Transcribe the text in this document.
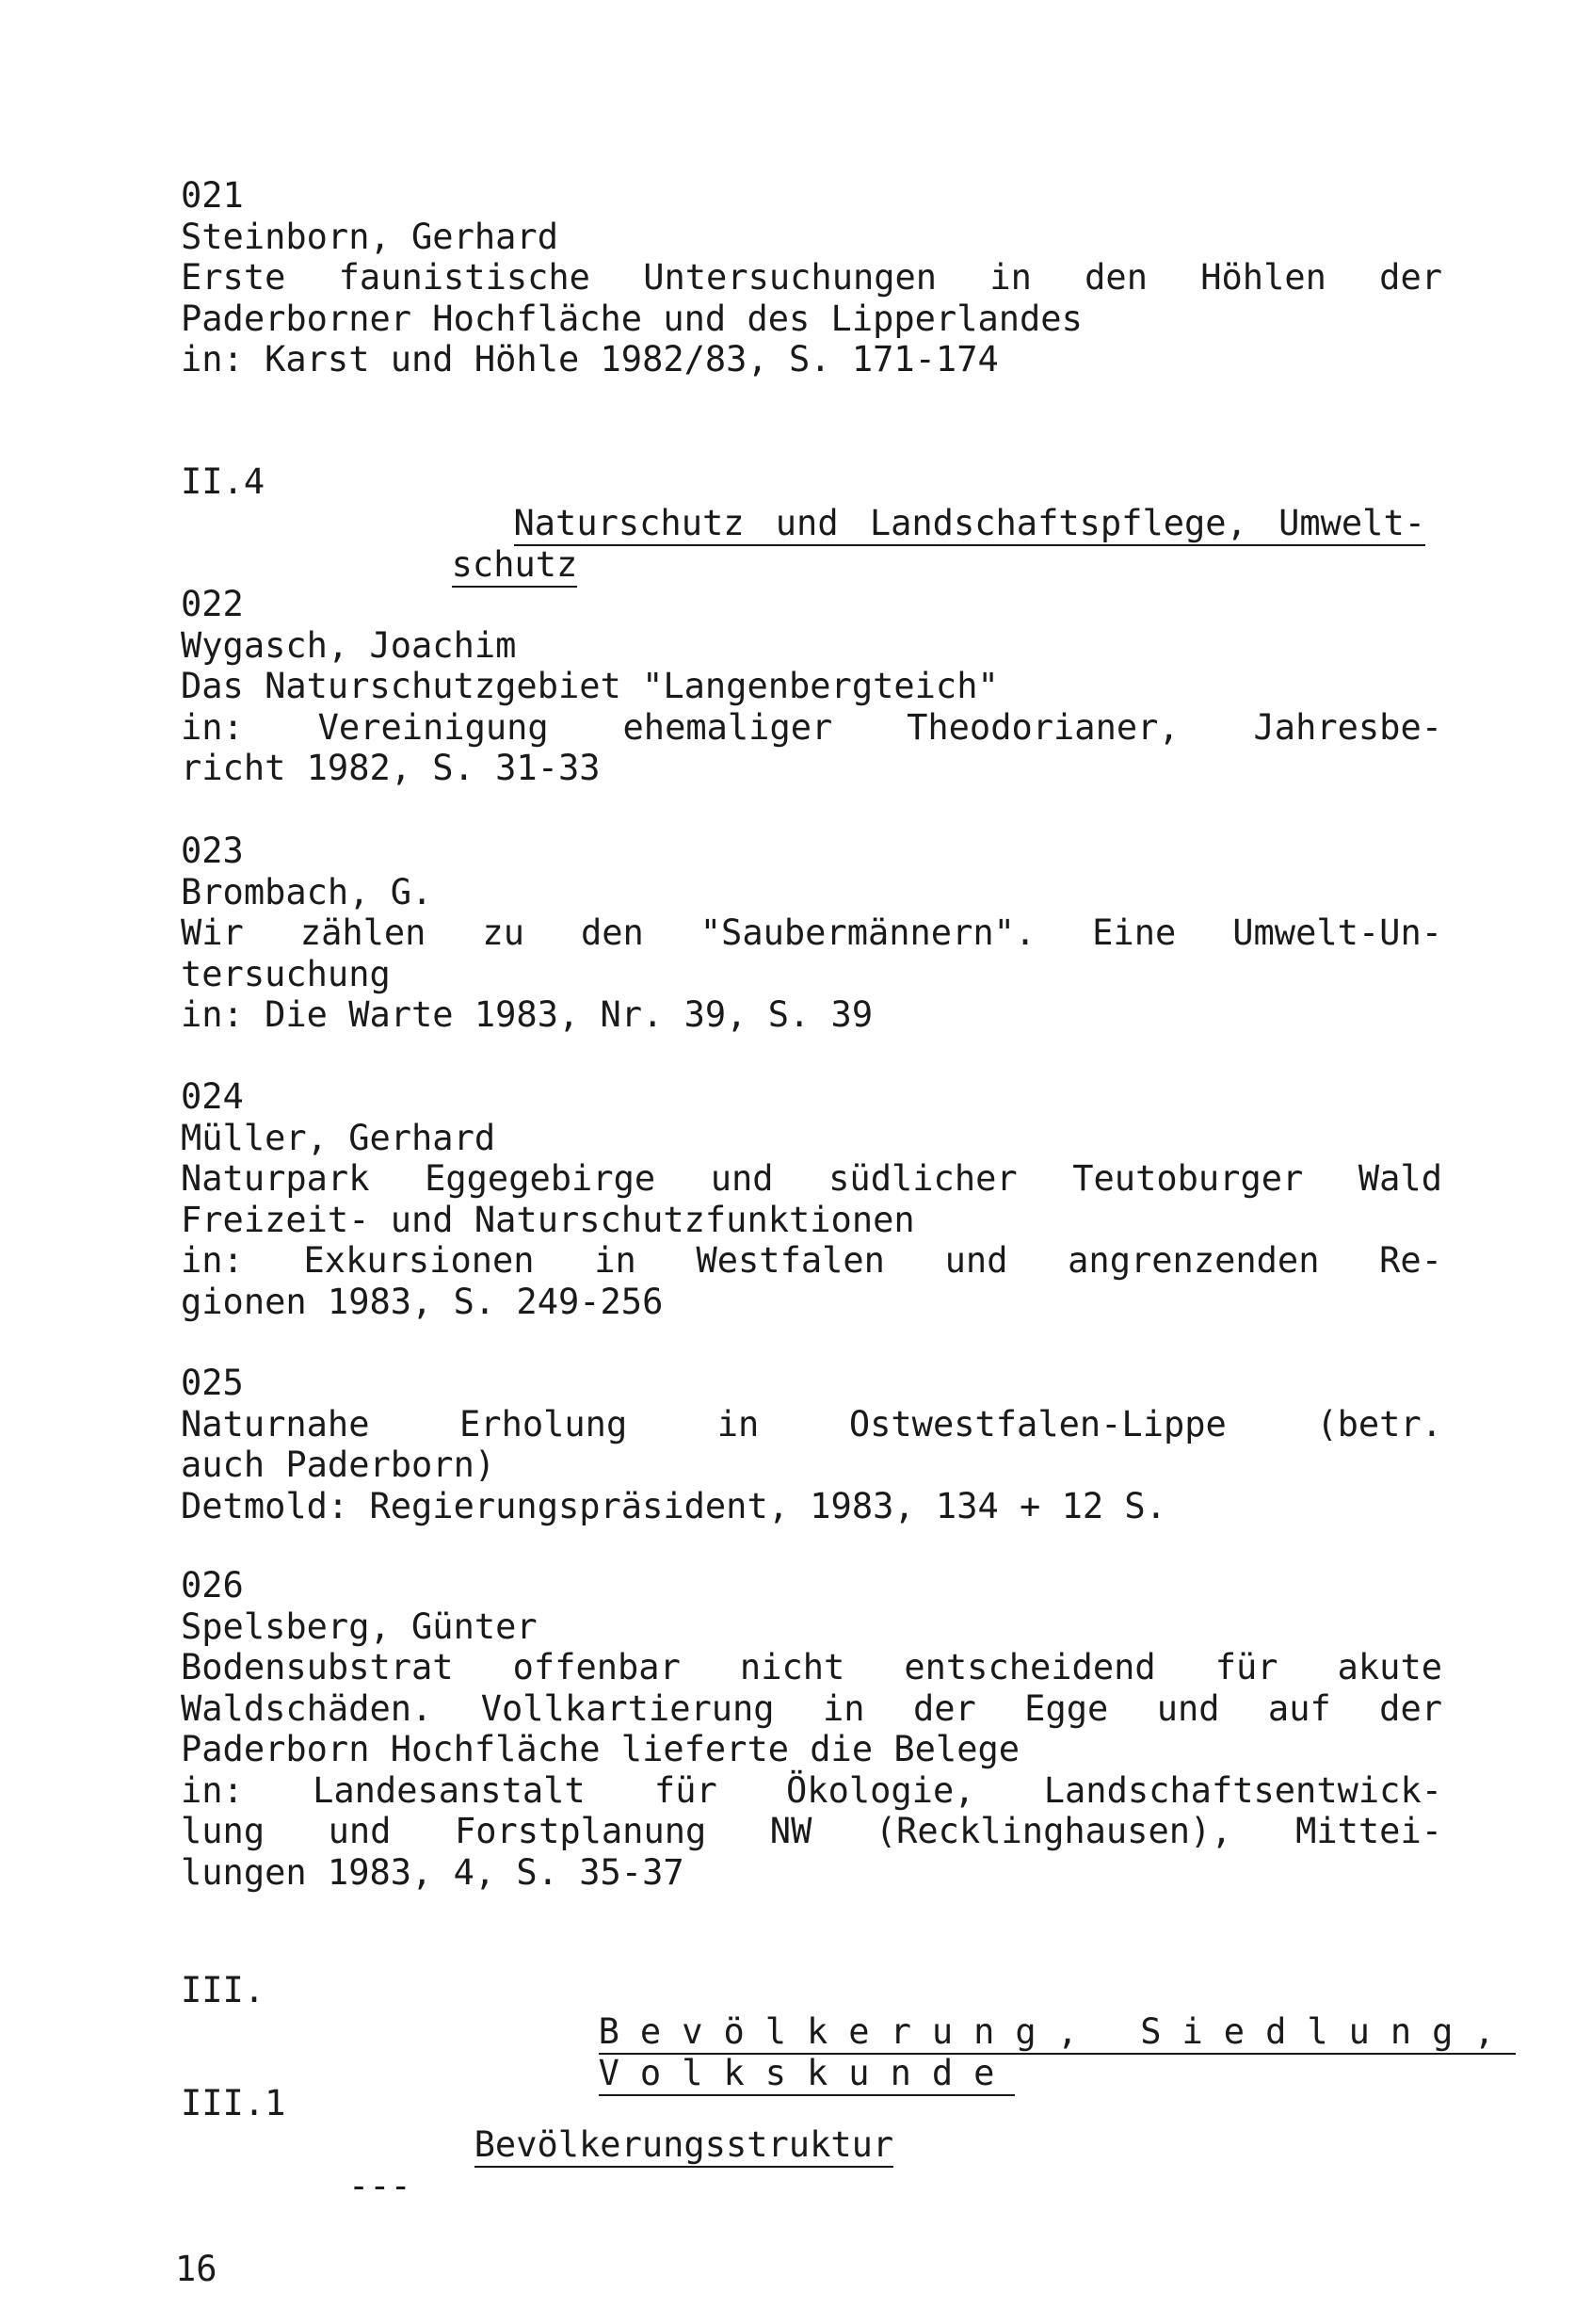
021
Steinborn, Gerhard
Erste faunistische Untersuchungen in den Höhlen der
Paderborner Hochfläche und des Lipperlandes
in: Karst und Höhle 1982/83, S. 171-174
II.4

Naturschutz und Landschaftspflege, Umwelt-

schutz

022
Wygasch, Joachim
Das Naturschutzgebiet "Langenbergteich"
in: Vereinigung ehemaliger Theodorianer, Jahresbe-
richt 1982, S. 31-33
023
Brombach, G.
Wir zählen zu den "Saubermännern". Eine Umwelt-Un-
tersuchung
in: Die Warte 1983, Nr. 39, S. 39
024
Müller, Gerhard
Naturpark Eggegebirge und südlicher Teutoburger Wald
Freizeit- und Naturschutzfunktionen
in: Exkursionen in Westfalen und angrenzenden Re-
gionen 1983, S. 249-256
025
Naturnahe Erholung in Ostwestfalen-Lippe (betr.
auch Paderborn)
Detmold: Regierungspräsident, 1983, 134 + 12 S.
026
Spelsberg, Günter
Bodensubstrat offenbar nicht entscheidend für akute
Waldschäden. Vollkartierung in der Egge und auf der
Paderborn Hochfläche lieferte die Belege
in: Landesanstalt für Ökologie, Landschaftsentwick-
lung und Forstplanung NW (Recklinghausen), Mittei-
lungen 1983, 4, S. 35-37
III.

Bevölkerung, Siedlung,

Volkskunde

III.1

Bevölkerungsstruktur

---
16
